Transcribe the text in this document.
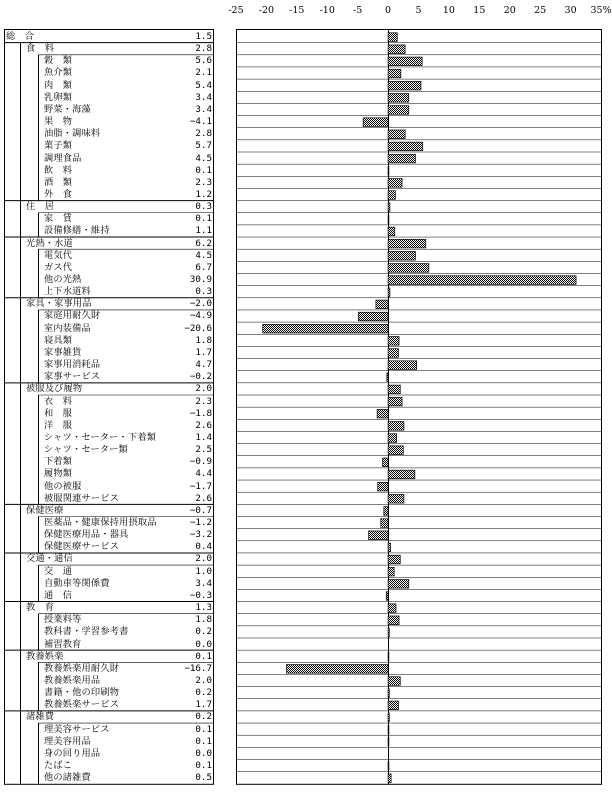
総　合	1.5
食　料	2.8
穀　類	5.6
魚介類	2.1
肉　類	5.4
乳卵類	3.4
野菜・海藻	3.4
果　物	−4.1
油脂・調味料	2.8
菓子類	5.7
調理食品	4.5
飲　料	0.1
酒　類	2.3
外　食	1.2
住　居	0.3
家　賃	0.1
設備修繕・維持	1.1
光熱・水道	6.2
電気代	4.5
ガス代	6.7
他の光熱	30.9
上下水道料	0.3
家具・家事用品	−2.0
家庭用耐久財	−4.9
室内装備品	−20.6
寝具類	1.8
家事雑貨	1.7
家事用消耗品	4.7
家事サービス	−0.2
被服及び履物	2.0
衣　料	2.3
和　服	−1.8
洋　服	2.6
シャツ・セーター・下着類	1.4
シャツ・セーター類	2.5
下着類	−0.9
履物類	4.4
他の被服	−1.7
被服関連サービス	2.6
保健医療	−0.7
医薬品・健康保持用摂取品	−1.2
保健医療用品・器具	−3.2
保健医療サービス	0.4
交通・通信	2.0
交　通	1.0
自動車等関係費	3.4
通　信	−0.3
教　育	1.3
授業料等	1.8
教科書・学習参考書	0.2
補習教育	0.0
教養娯楽	0.1
教養娯楽用耐久財	−16.7
教養娯楽用品	2.0
書籍・他の印刷物	0.2
教養娯楽サービス	1.7
諸雑費	0.2
理美容サービス	0.1
理美容用品	0.1
身の回り用品	0.0
たばこ	0.1
他の諸雑費	0.5
-25 -20 -15 -10 -5 0	5 10 15 20 25 30 35%
